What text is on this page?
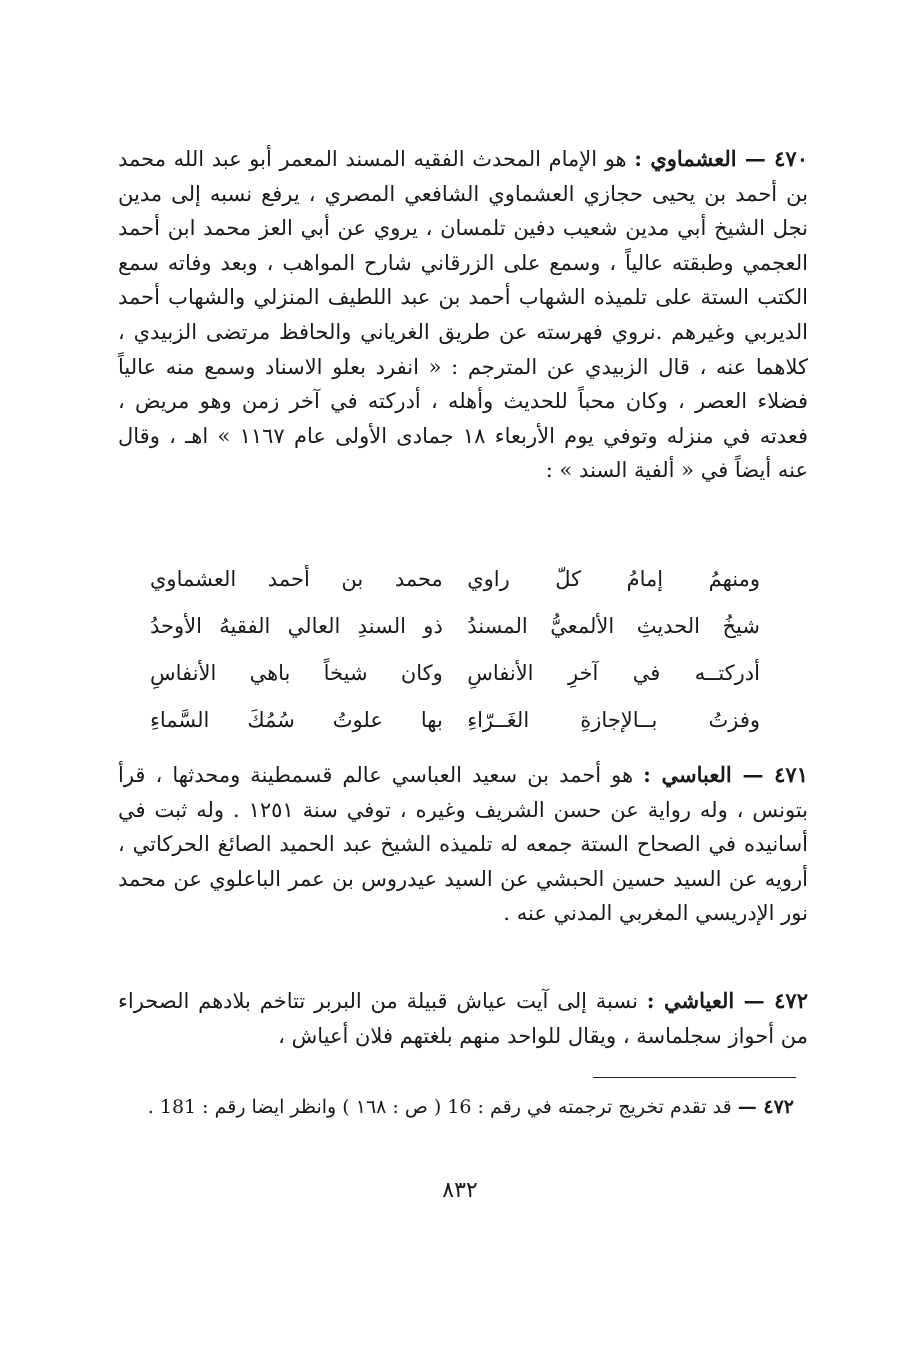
٤٧٠ — العشماوي : هو الإمام المحدث الفقيه المسند المعمر أبو عبد الله محمد بن أحمد بن يحيى حجازي العشماوي الشافعي المصري ، يرفع نسبه إلى مدين نجل الشيخ أبي مدين شعيب دفين تلمسان ، يروي عن أبي العز محمد ابن أحمد العجمي وطبقته عالياً ، وسمع على الزرقاني شارح المواهب ، وبعد وفاته سمع الكتب الستة على تلميذه الشهاب أحمد بن عبد اللطيف المنزلي والشهاب أحمد الديربي وغيرهم .نروي فهرسته عن طريق الغرياني والحافظ مرتضى الزبيدي ، كلاهما عنه ، قال الزبيدي عن المترجم : « انفرد بعلو الاسناد وسمع منه عالياً فضلاء العصر ، وكان محباً للحديث وأهله ، أدركته في آخر زمن وهو مريض ، فعدته في منزله وتوفي يوم الأربعاء ١٨ جمادى الأولى عام ١١٦٧ » اهـ ، وقال عنه أيضاً في « ألفية السند » :

ومنهمُ إمامُ كلّ راوي
محمد بن أحمد العشماوي
شيخُ الحديثِ الألمعيُّ المسندُ
ذو السندِ العالي الفقيهُ الأوحدُ
أدركتــه في آخرِ الأنفاسِ
وكان شيخاً باهي الأنفاسِ
وفزتُ بــالإجازةِ الغَــرّاءِ
بها علوتُ سُمُكَ السَّماءِ

٤٧١ — العباسي : هو أحمد بن سعيد العباسي عالم قسمطينة ومحدثها ، قرأ بتونس ، وله رواية عن حسن الشريف وغيره ، توفي سنة ١٢٥١ . وله ثبت في أسانيده في الصحاح الستة جمعه له تلميذه الشيخ عبد الحميد الصائغ الحركاتي ، أرويه عن السيد حسين الحبشي عن السيد عيدروس بن عمر الباعلوي عن محمد نور الإدريسي المغربي المدني عنه .

٤٧٢ — العياشي : نسبة إلى آيت عياش قبيلة من البربر تتاخم بلادهم الصحراء من أحواز سجلماسة ، ويقال للواحد منهم بلغتهم فلان أعياش ،

٤٧٢ — قد تقدم تخريج ترجمته في رقم : 16 ( ص : ١٦٨ ) وانظر ايضا رقم : 181 .

٨٣٢
